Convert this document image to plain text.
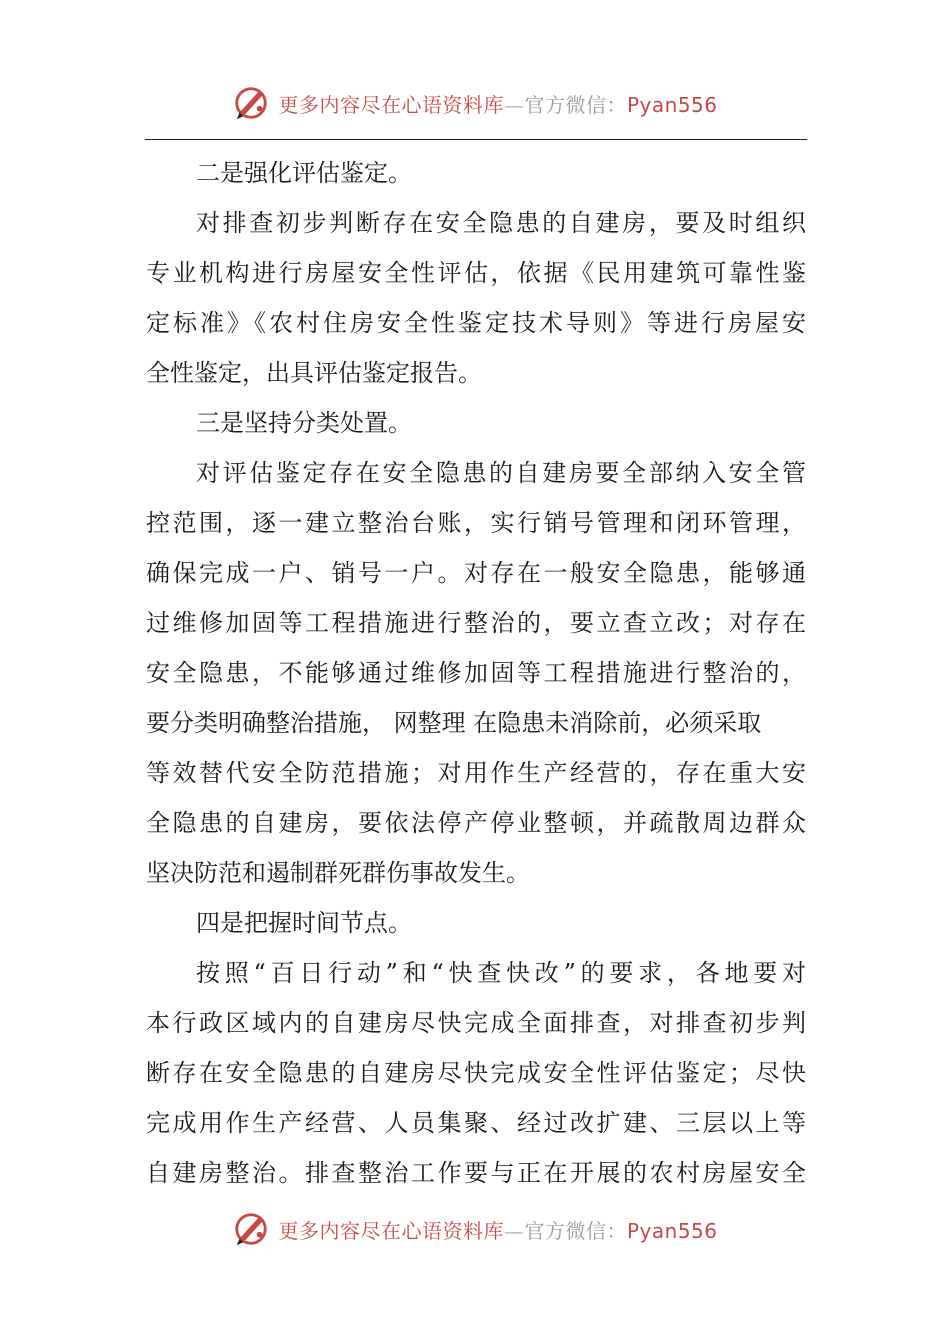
更多内容尽在心语资料库—官方微信：Pyan556
二是强化评估鉴定。
对排查初步判断存在安全隐患的自建房，要及时组织
专业机构进行房屋安全性评估，依据《民用建筑可靠性鉴
定标准》《农村住房安全性鉴定技术导则》等进行房屋安
全性鉴定，出具评估鉴定报告。
三是坚持分类处置。
对评估鉴定存在安全隐患的自建房要全部纳入安全管
控范围，逐一建立整治台账，实行销号管理和闭环管理，
确保完成一户、销号一户。对存在一般安全隐患，能够通
过维修加固等工程措施进行整治的，要立查立改；对存在
安全隐患，不能够通过维修加固等工程措施进行整治的，
要分类明确整治措施， 网整理 在隐患未消除前，必须采取
等效替代安全防范措施；对用作生产经营的，存在重大安
全隐患的自建房，要依法停产停业整顿，并疏散周边群众
坚决防范和遏制群死群伤事故发生。
四是把握时间节点。
按照“百日行动”和“快查快改”的要求，各地要对
本行政区域内的自建房尽快完成全面排查，对排查初步判
断存在安全隐患的自建房尽快完成安全性评估鉴定；尽快
完成用作生产经营、人员集聚、经过改扩建、三层以上等
自建房整治。排查整治工作要与正在开展的农村房屋安全
更多内容尽在心语资料库—官方微信：Pyan556
